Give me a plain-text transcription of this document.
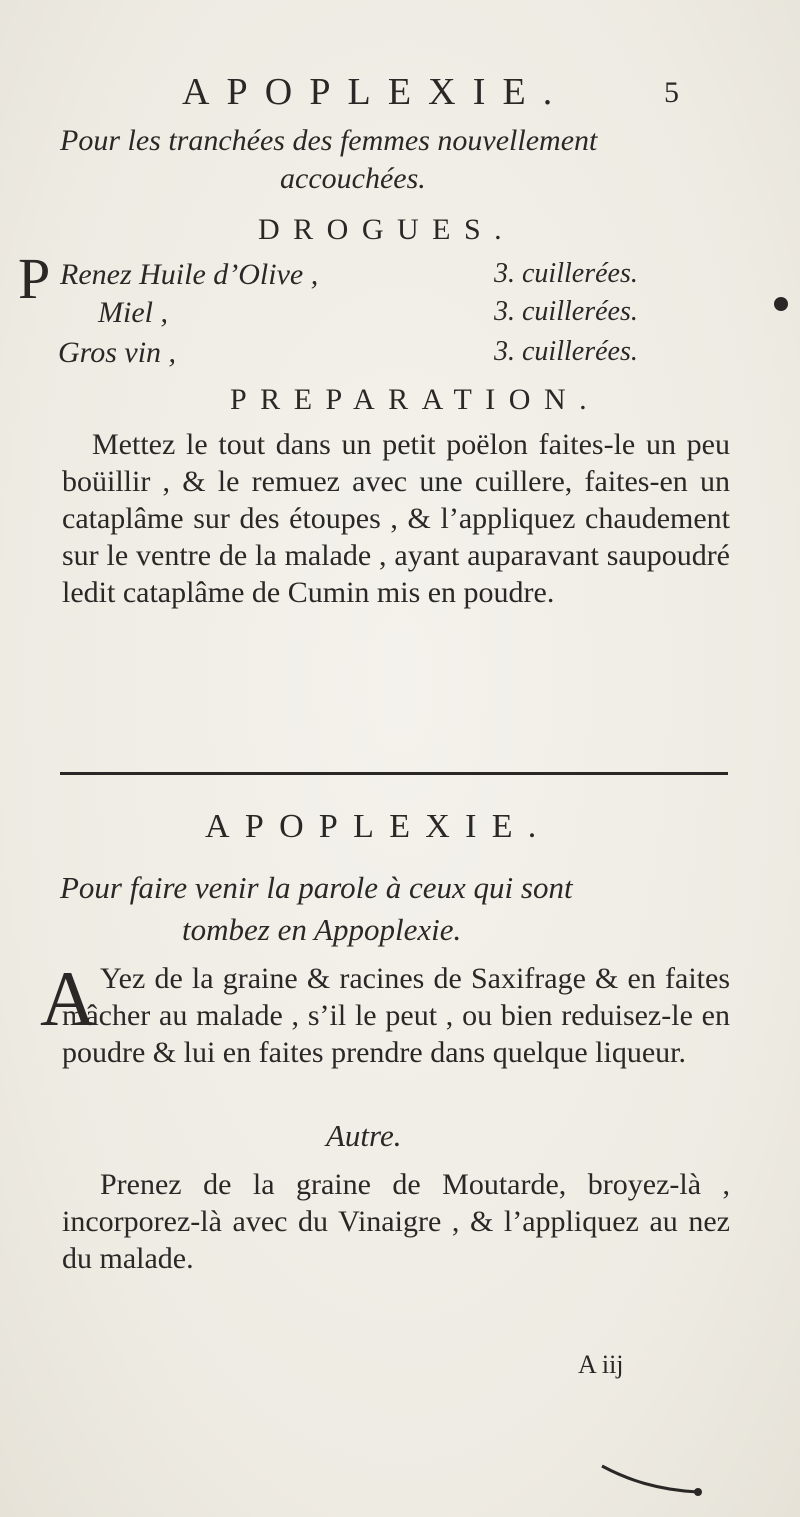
APOPLEXIE.	5
Pour les tranchées des femmes nouvellement
accouchées.
DROGUES.
P Renez Huile d’Olive ,	3. cuillerées.
Miel ,	3. cuillerées.
Gros vin ,	3. cuillerées.
PREPARATION.

Mettez le tout dans un petit poëlon faites-le un peu boüillir , & le remuez avec une cuillere, faites-en un cataplâme sur des étoupes , & l’appliquez chaudement sur le ventre de la malade , ayant auparavant saupoudré ledit cataplâme de Cumin mis en poudre.

APOPLEXIE.
Pour faire venir la parole à ceux qui sont
tombez en Appoplexie.
A Yez de la graine & racines de Saxifrage & en faites mâcher au malade , s’il le peut , ou bien reduisez-le en poudre & lui en faites prendre dans quelque liqueur.

Autre.

Prenez de la graine de Moutarde, broyez-là , incorporez-là avec du Vinaigre , & l’appliquez au nez du malade.

A iij
